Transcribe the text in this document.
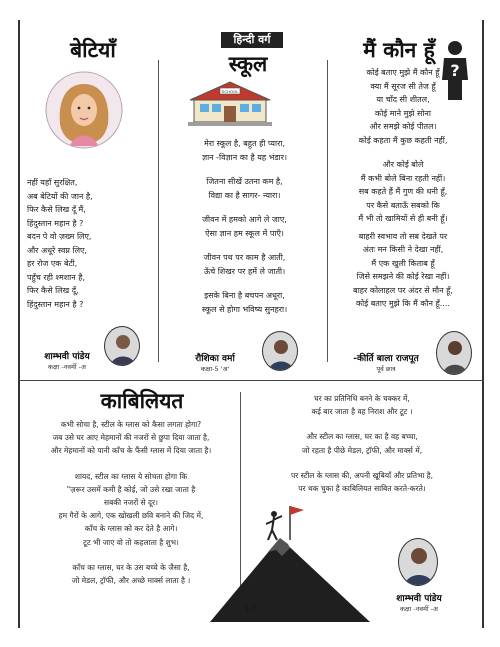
हिन्दी वर्ग
बेटियाँ
नहीं यहाँ सुरक्षित,
अब बेटियों की जान है,
फिर कैसे लिख दूँ मैं,
हिंदुस्तान महान है ?
बदन पे वो ज़ख्म लिए,
और अधूरे स्वप्न लिए,
हर रोज एक बेटी,
पहुँच रही श्मशान है,
फिर कैसे लिख दूँ,
हिंदुस्तान महान है ?
शाम्भवी पांडेय
कक्षा -नवमीं -अ
स्कूल
SCHOOL
मेरा स्कूल है, बहुत ही प्यारा,
ज्ञान -विज्ञान का है यह भंडार।
जितना सीखें उतना कम है,
विद्या का है सागर- न्यारा।
जीवन में हमको आगे ले जाए,
ऐसा ज्ञान हम स्कूल में पाएँ।
जीवन पथ पर काम है आती,
ऊँचे शिखर पर हमें ले जाती।
इसके बिना है बचपन अधूरा,
स्कूल से होगा भविष्य सुनहरा।
रौशिका वर्मा
कक्षा-5 'अ'
मैं कौन हूँ
?
कोई बताए मुझे मैं कौन हूँ
क्या मैं सूरज सी तेज हूँ
या चाँद सी शीतल,
कोई माने मुझे सोना
और समझे कोई पीतल।
कोई कहता मैं कुछ कहती नहीं,
और कोई बोले
मैं कभी बोले बिना रहती नहीं।
सब कहते हैं मैं गुण की धनी हूँ,
पर कैसे बताऊँ सबको कि
मैं भी तो खामियों से ही बनी हूँ।
बाहरी स्वभाव तो सब देखते पर
अंतः मन किसी ने देखा नहीं,
मैं एक खुली किताब हूँ
जिसे समझने की कोई रेखा नहीं।
बाहर कोलाहल पर अंदर से मौन हूँ,
कोई बताए मुझे कि मैं कौन हूँ....
-कीर्ति बाला राजपूत
पूर्व छात्र
काबिलियत
कभी सोचा है, स्टील के ग्लास को कैसा लगता होगा?
जब उसे घर आए मेहमानों की नजरों से छुपा दिया जाता है,
और मेहमानों को पानी काँच के फैंसी ग्लास में दिया जाता है।
शायद, स्टील का ग्लास ये सोचता होगा कि
"ज़रूर उसमें कमी है कोई, जो उसे रखा जाता है
सबकी नजरों से दूर।
हम गैरों के आगे, एक खोखली छवि बनाने की जिद में,
काँच के ग्लास को कर देते है आगे।
टूट भी जाए वो तो कहलाता है शुभ।
काँच का ग्लास, घर के उस बच्चे के जैसा है,
जो मेडल, ट्रॉफी, और अच्छे मार्क्स लाता है ।
घर का प्रतिनिधि बनने के चक्कर में,
कई बार जाता है वह निराश और टूट ।
और स्टील का ग्लास, घर का है वह बच्चा,
जो रहता है पीछे मेडल, ट्रॉफी, और मार्क्स में,
पर स्टील के ग्लास की, अपनी खूबियाँ और प्रतिभा है,
पर थक चुका है काबिलियत साबित करते-करते।
शाम्भवी पांडेय
कक्षा -नवमीं -अ
17
